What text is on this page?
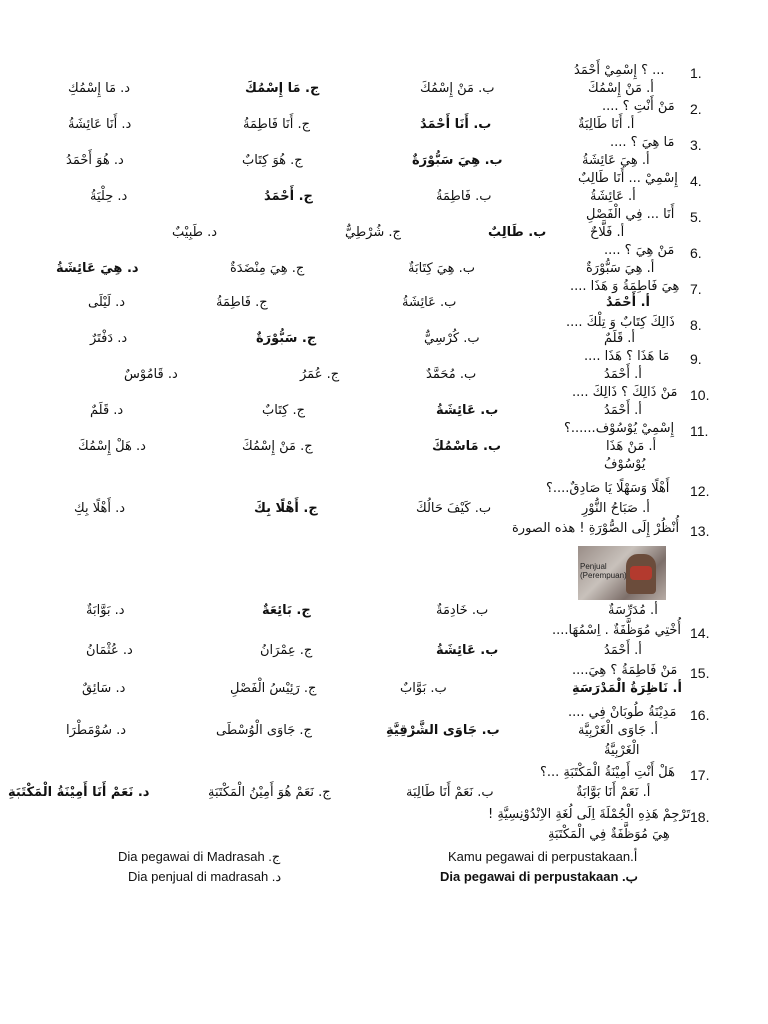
1.
... ؟ إِسْمِيْ أَحْمَدُ
أ. مَنْ إِسْمُكَ
ب. مَنْ إِسْمُكَ
ج. مَا إِسْمُكَ
د. مَا إِسْمُكِ
2.
مَنْ أَنْتِ ؟ ....
أ. أَنَا طَالِبَةٌ
ب. أَنَا أَحْمَدُ
ج. أَنَا فَاطِمَةُ
د. أَنَا عَائِشَةُ
3.
مَا هِيَ ؟ ....
أ. هِيَ عَائِشَةُ
ب. هِيَ سَبُّوْرَةٌ
ج. هُوَ كِتَابٌ
د. هُوَ أَحْمَدُ
4.
إِسْمِيْ ... أَنَا طَالِبٌ
أ. عَائِشَةُ
ب. فَاطِمَةُ
ج. أَحْمَدُ
د. حِلْيَةُ
5.
أَنَا ... فِي الْفَصْلِ
أ. فَلَّاحٌ
ب. طَالِبٌ
ج. شُرْطِيٌّ
د. طَبِيْبٌ
6.
مَنْ هِيَ ؟ ....
أ. هِيَ سَبُّوْرَةٌ
ب. هِيَ كِتَابَةٌ
ج. هِيَ مِنْضَدَةٌ
د. هِيَ عَائِشَةُ
7.
هِيَ فَاطِمَةُ وَ هَذَا ....
أ. أَحْمَدُ
ب. عَائِشَةُ
ج. فَاطِمَةُ
د. لَيْلَى
8.
ذَالِكَ كِتَابٌ وَ تِلْكَ ....
أ. قَلَمٌ
ب. كُرْسِيٌّ
ج. سَبُّوْرَةٌ
د. دَفْتَرٌ
9.
مَا هَذَا ؟ هَذَا ....
أ. أَحْمَدُ
ب. مُحَمَّدٌ
ج. عُمَرُ
د. قَامُوْسٌ
10.
مَنْ ذَالِكَ ؟ ذَالِكَ ....
أ. أَحْمَدُ
ب. عَائِشَةُ
ج. كِتَابٌ
د. قَلَمٌ
11.
إِسْمِيْ يُوْسُوْف......؟
أ. مَنْ هَذَا
يُوْسُوْفُ
ب. مَاسْمُكَ
ج. مَنْ إِسْمُكَ
د. هَلْ إِسْمُكَ
12.
أَهْلًا وَسَهْلًا يَا صَادِقٌ....؟
أ. صَبَاحُ النُّوْرِ
ب. كَيْفَ حَالُكَ
ج. أَهْلًا بِكَ
د. أَهْلًا بِكِ
13.
أُنْظُرْ إِلَى الصُّوْرَةِ ! هذه الصورة
Penjual
(Perempuan)
أ. مُدَرِّسَةٌ
ب. خَادِمَةٌ
ج. بَائِعَةٌ
د. بَوَّابَةٌ
14.
أُخْتِي مُوَظَّفَةٌ . اِسْمُهَا....
أ. أَحْمَدُ
ب. عَائِشَةُ
ج. عِمْرَانُ
د. عُثْمَانُ
15.
مَنْ فَاطِمَةُ ؟ هِيَ....
أ. نَاظِرَةُ الْمَدْرَسَةِ
ب. بَوَّابٌ
ج. رَئِيْسُ الْفَصْلِ
د. سَائِقٌ
16.
مَدِيْنَةُ طُوبَانْ فِي ....
أ. جَاوَى الْغَرْبِيَّة
الْغَرْبِيَّةُ
ب. جَاوَى الشَّرْقِيَّةِ
ج. جَاوَى الْوُسْطَى
د. سُوْمَطْرَا
17.
هَلْ أَنْتِ أَمِيْنَةُ الْمَكْتَبَةِ ...؟
أ. نَعَمْ أَنَا بَوَّابَةٌ
ب. نَعَمْ أَنَا طَالِبَة
ج. نَعَمْ هُوَ أَمِيْنُ الْمَكْتَبَةِ
د. نَعَمْ أَنَا أَمِيْنَةُ الْمَكْتَبَةِ
18.
تَرْجِمْ هَذِهِ الْجُمْلَةَ اِلَى لُغَةِ الاِنْدُوْنِسِيَّةِ !
هِيَ مُوَظَّفَةٌ فِي الْمَكْتَبَةِ
Kamu pegawai di perpustakaan.أ
Dia pegawai di perpustakaan .ب
Dia pegawai di Madrasah .ج
Dia penjual di madrasah .د
